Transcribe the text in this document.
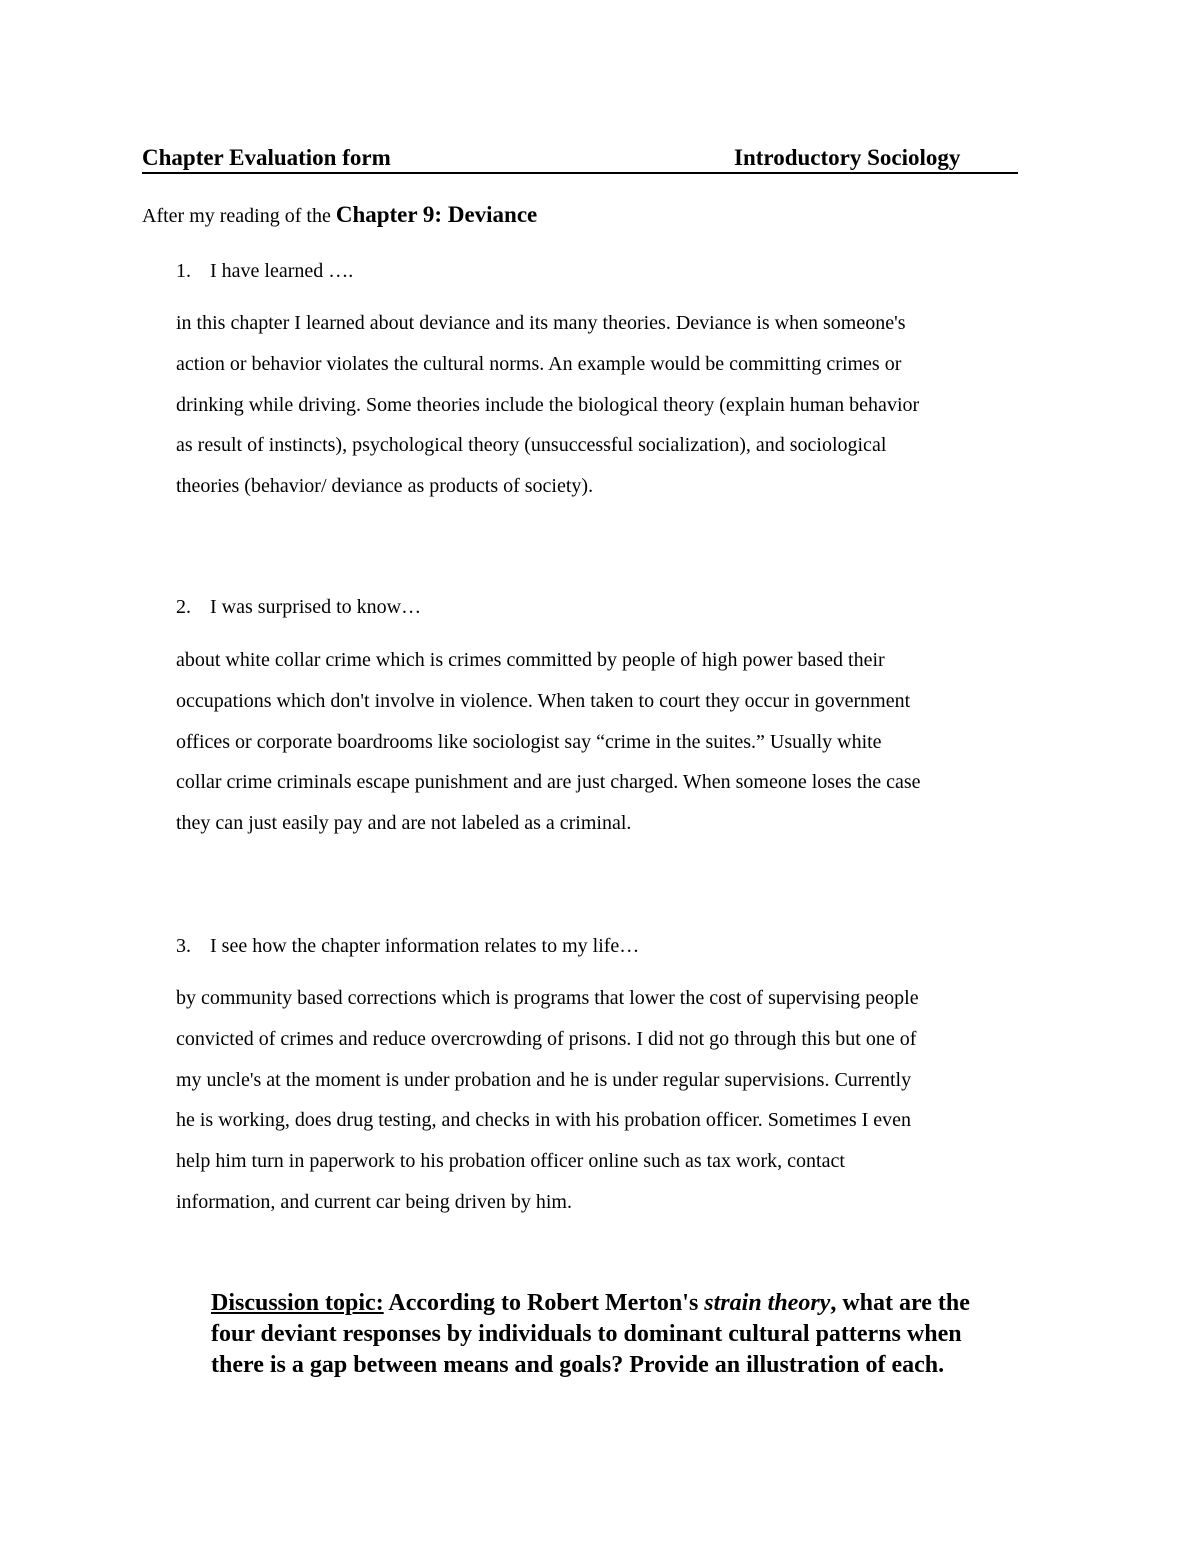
Chapter Evaluation form	Introductory Sociology
After my reading of the Chapter 9: Deviance
1. I have learned ….
in this chapter I learned about deviance and its many theories. Deviance is when someone's
action or behavior violates the cultural norms. An example would be committing crimes or
drinking while driving. Some theories include the biological theory (explain human behavior
as result of instincts), psychological theory (unsuccessful socialization), and sociological
theories (behavior/ deviance as products of society).
2. I was surprised to know…
about white collar crime which is crimes committed by people of high power based their
occupations which don't involve in violence. When taken to court they occur in government
offices or corporate boardrooms like sociologist say “crime in the suites.” Usually white
collar crime criminals escape punishment and are just charged. When someone loses the case
they can just easily pay and are not labeled as a criminal.
3. I see how the chapter information relates to my life…
by community based corrections which is programs that lower the cost of supervising people
convicted of crimes and reduce overcrowding of prisons. I did not go through this but one of
my uncle's at the moment is under probation and he is under regular supervisions. Currently
he is working, does drug testing, and checks in with his probation officer. Sometimes I even
help him turn in paperwork to his probation officer online such as tax work, contact
information, and current car being driven by him.
Discussion topic: According to Robert Merton's strain theory, what are the
four deviant responses by individuals to dominant cultural patterns when
there is a gap between means and goals? Provide an illustration of each.
